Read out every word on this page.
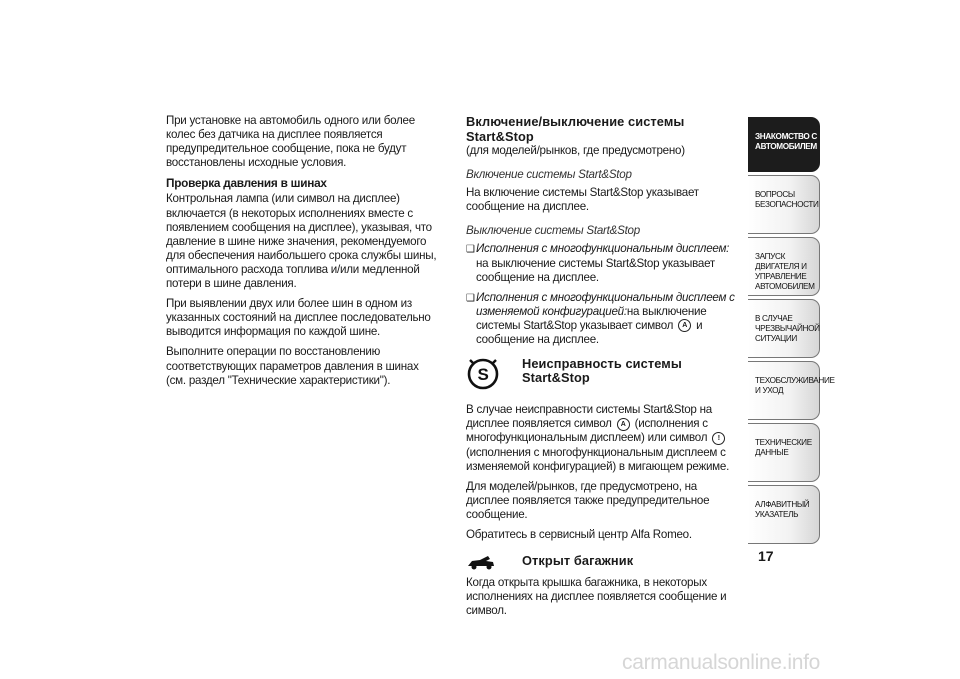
При установке на автомобиль одного или более колес без датчика на дисплее появляется предупредительное сообщение, пока не будут восстановлены исходные условия.

Проверка давления в шинах

Контрольная лампа (или символ на дисплее) включается (в некоторых исполнениях вместе с появлением сообщения на дисплее), указывая, что давление в шине ниже значения, рекомендуемого для обеспечения наибольшего срока службы шины, оптимального расхода топлива и/или медленной потери в шине давления.

При выявлении двух или более шин в одном из указанных состояний на дисплее последовательно выводится информация по каждой шине.

Выполните операции по восстановлению соответствующих параметров давления в шинах (см. раздел "Технические характеристики").

Включение/выключение системы Start&Stop
(для моделей/рынков, где предусмотрено)
Включение системы Start&Stop

На включение системы Start&Stop указывает сообщение на дисплее.

Выключение системы Start&Stop
❑ Исполнения с многофункциональным дисплеем: на выключение системы Start&Stop указывает сообщение на дисплее.
❑ Исполнения с многофункциональным дисплеем с изменяемой конфигурацией:на выключение системы Start&Stop указывает символ A и сообщение на дисплее.
S
Неисправность системы Start&Stop

В случае неисправности системы Start&Stop на дисплее появляется символ A (исполнения с многофункциональным дисплеем) или символ ! (исполнения с многофункциональным дисплеем с изменяемой конфигурацией) в мигающем режиме.

Для моделей/рынков, где предусмотрено, на дисплее появляется также предупредительное сообщение.

Обратитесь в сервисный центр Alfa Romeo.

Открыт багажник

Когда открыта крышка багажника, в некоторых исполнениях на дисплее появляется сообщение и символ.

ЗНАКОМСТВО С АВТОМОБИЛЕМ
ВОПРОСЫ БЕЗОПАСНОСТИ
ЗАПУСК ДВИГАТЕЛЯ И УПРАВЛЕНИЕ АВТОМОБИЛЕМ
В СЛУЧАЕ ЧРЕЗВЫЧАЙНОЙ СИТУАЦИИ
ТЕХОБСЛУЖИВАНИЕ И УХОД
ТЕХНИЧЕСКИЕ ДАННЫЕ
АЛФАВИТНЫЙ УКАЗАТЕЛЬ
17
carmanualsonline.info
